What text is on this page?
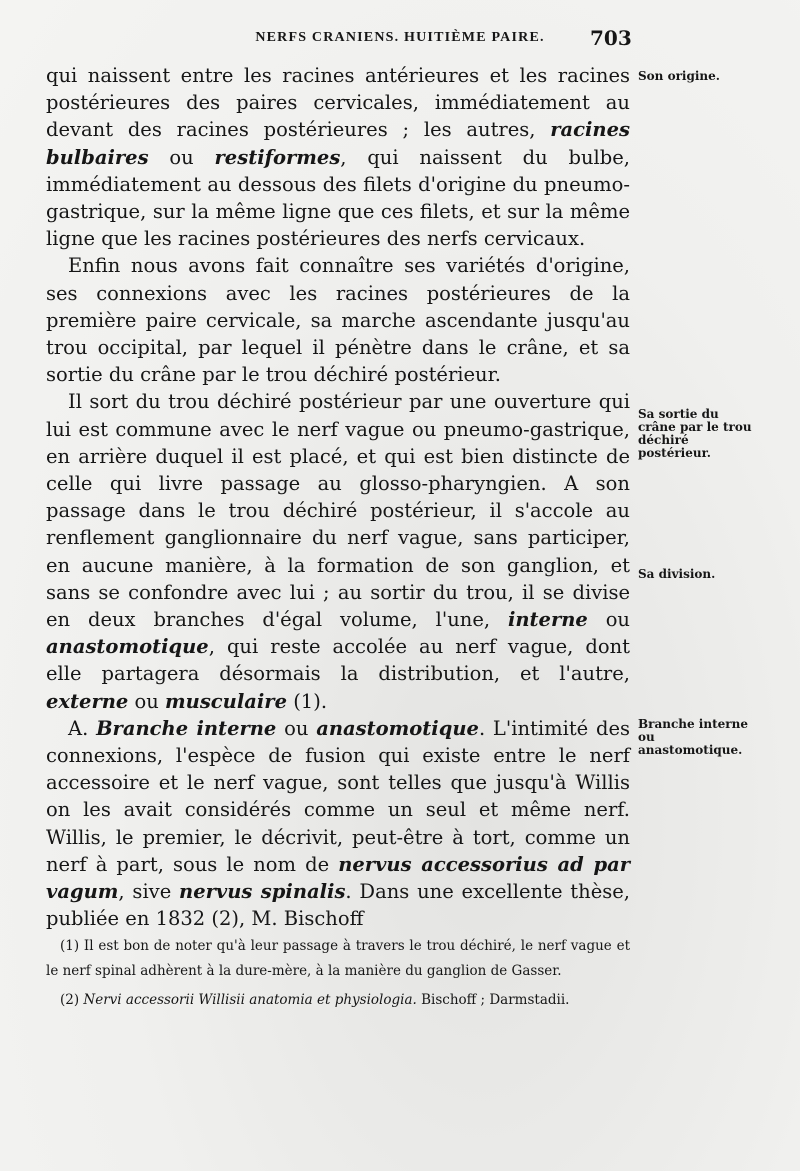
NERFS CRANIENS. HUITIÈME PAIRE.	703

qui naissent entre les racines antérieures et les racines postérieures des paires cervicales, immédiatement au devant des racines postérieures ; les autres, racines bulbaires ou restiformes, qui naissent du bulbe, immédiatement au dessous des filets d'origine du pneumo-gastrique, sur la même ligne que ces filets, et sur la même ligne que les racines postérieures des nerfs cervicaux.

Enfin nous avons fait connaître ses variétés d'origine, ses connexions avec les racines postérieures de la première paire cervicale, sa marche ascendante jusqu'au trou occipital, par lequel il pénètre dans le crâne, et sa sortie du crâne par le trou déchiré postérieur.

Il sort du trou déchiré postérieur par une ouverture qui lui est commune avec le nerf vague ou pneumo-gastrique, en arrière duquel il est placé, et qui est bien distincte de celle qui livre passage au glosso-pharyngien. A son passage dans le trou déchiré postérieur, il s'accole au renflement ganglionnaire du nerf vague, sans participer, en aucune manière, à la formation de son ganglion, et sans se confondre avec lui ; au sortir du trou, il se divise en deux branches d'égal volume, l'une, interne ou anastomotique, qui reste accolée au nerf vague, dont elle partagera désormais la distribution, et l'autre, externe ou musculaire (1).

A. Branche interne ou anastomotique. L'intimité des connexions, l'espèce de fusion qui existe entre le nerf accessoire et le nerf vague, sont telles que jusqu'à Willis on les avait considérés comme un seul et même nerf. Willis, le premier, le décrivit, peut-être à tort, comme un nerf à part, sous le nom de nervus accessorius ad par vagum, sive nervus spinalis. Dans une excellente thèse, publiée en 1832 (2), M. Bischoff

Son origine.
Sa sortie du crâne par le trou déchiré postérieur.
Sa division.
Branche interne ou anastomotique.

(1) Il est bon de noter qu'à leur passage à travers le trou déchiré, le nerf vague et le nerf spinal adhèrent à la dure-mère, à la manière du ganglion de Gasser.

(2) Nervi accessorii Willisii anatomia et physiologia. Bischoff ; Darmstadii.
